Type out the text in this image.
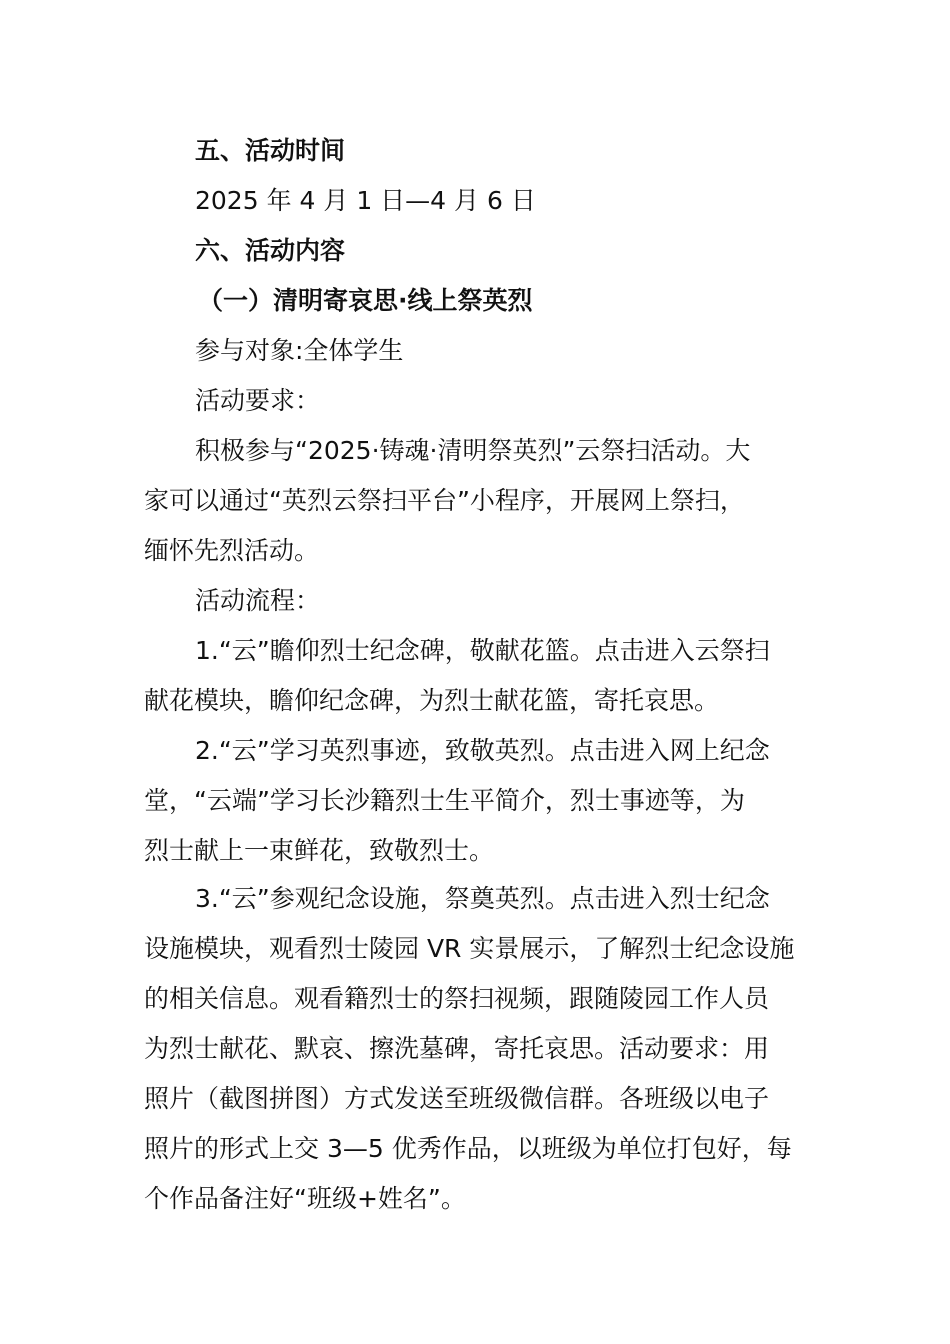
五、活动时间
2025 年 4 月 1 日—4 月 6 日
六、活动内容
（一）清明寄哀思·线上祭英烈
参与对象:全体学生
活动要求：
积极参与“2025·铸魂·清明祭英烈”云祭扫活动。大
家可以通过“英烈云祭扫平台”小程序，开展网上祭扫，
缅怀先烈活动。
活动流程：
1.“云”瞻仰烈士纪念碑，敬献花篮。点击进入云祭扫
献花模块，瞻仰纪念碑，为烈士献花篮，寄托哀思。
2.“云”学习英烈事迹，致敬英烈。点击进入网上纪念
堂，“云端”学习长沙籍烈士生平简介，烈士事迹等，为
烈士献上一束鲜花，致敬烈士。
3.“云”参观纪念设施，祭奠英烈。点击进入烈士纪念
设施模块，观看烈士陵园 VR 实景展示，了解烈士纪念设施
的相关信息。观看籍烈士的祭扫视频，跟随陵园工作人员
为烈士献花、默哀、擦洗墓碑，寄托哀思。活动要求：用
照片（截图拼图）方式发送至班级微信群。各班级以电子
照片的形式上交 3—5 优秀作品，以班级为单位打包好，每
个作品备注好“班级+姓名”。
